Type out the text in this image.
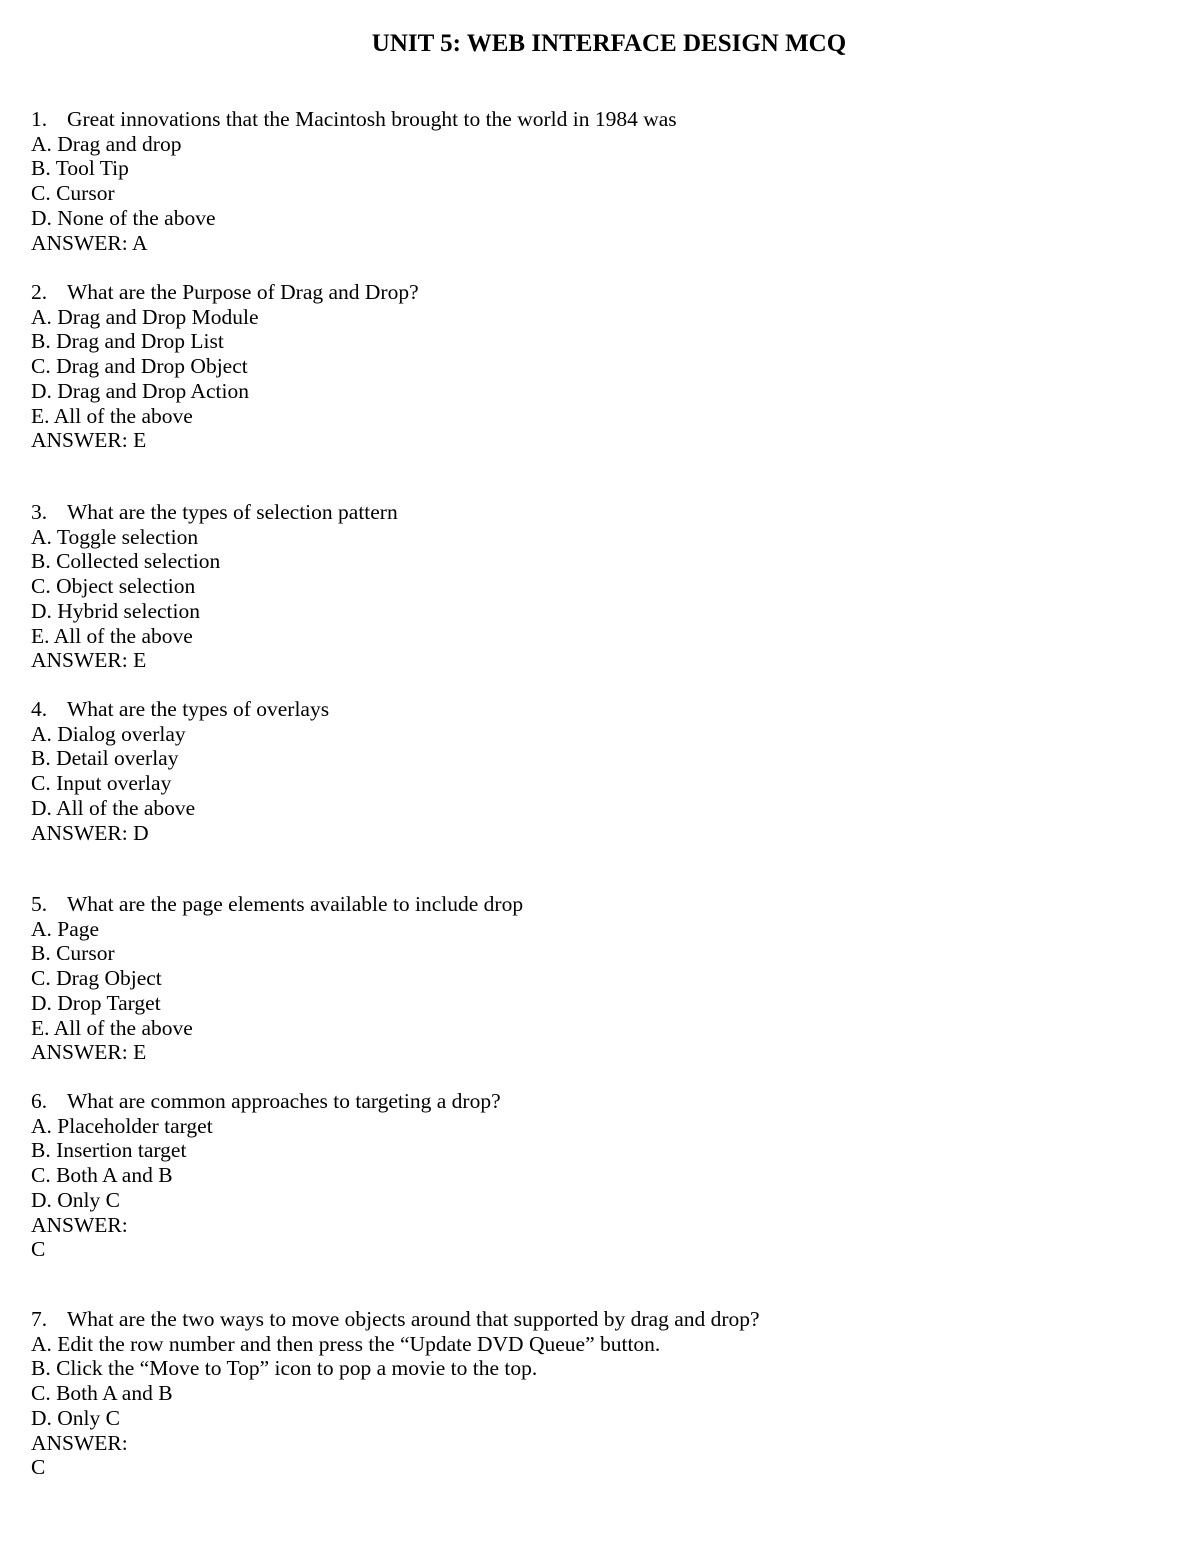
UNIT 5: WEB INTERFACE DESIGN MCQ
1. Great innovations that the Macintosh brought to the world in 1984 was
A. Drag and drop
B. Tool Tip
C. Cursor
D. None of the above
ANSWER: A
2. What are the Purpose of Drag and Drop?
A. Drag and Drop Module
B. Drag and Drop List
C. Drag and Drop Object
D. Drag and Drop Action
E. All of the above
ANSWER: E
3. What are the types of selection pattern
A. Toggle selection
B. Collected selection
C. Object selection
D. Hybrid selection
E. All of the above
ANSWER: E
4. What are the types of overlays
A. Dialog overlay
B. Detail overlay
C. Input overlay
D. All of the above
ANSWER: D
5. What are the page elements available to include drop
A. Page
B. Cursor
C. Drag Object
D. Drop Target
E. All of the above
ANSWER: E
6. What are common approaches to targeting a drop?
A. Placeholder target
B. Insertion target
C. Both A and B
D. Only C
ANSWER:
C
7. What are the two ways to move objects around that supported by drag and drop?
A. Edit the row number and then press the “Update DVD Queue” button.
B. Click the “Move to Top” icon to pop a movie to the top.
C. Both A and B
D. Only C
ANSWER:
C
